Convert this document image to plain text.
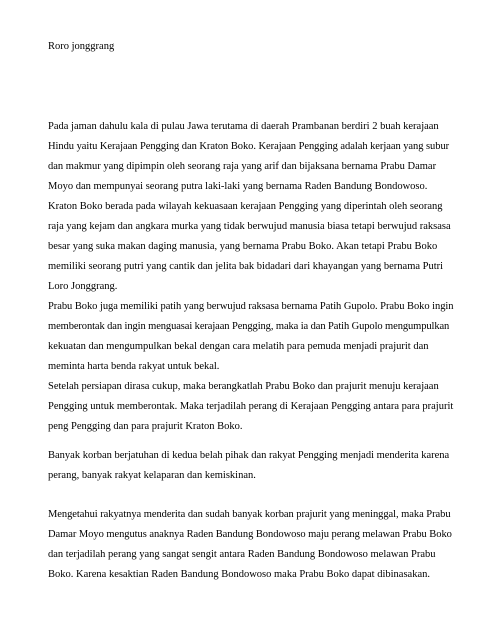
Roro jonggrang
Pada jaman dahulu kala di pulau Jawa terutama di daerah Prambanan berdiri 2 buah kerajaan
Hindu yaitu Kerajaan Pengging dan Kraton Boko. Kerajaan Pengging adalah kerjaan yang subur
dan makmur yang dipimpin oleh seorang raja yang arif dan bijaksana bernama Prabu Damar
Moyo dan mempunyai seorang putra laki-laki yang bernama Raden Bandung Bondowoso.
Kraton Boko berada pada wilayah kekuasaan kerajaan Pengging yang diperintah oleh seorang
raja yang kejam dan angkara murka yang tidak berwujud manusia biasa tetapi berwujud raksasa
besar yang suka makan daging manusia, yang bernama Prabu Boko. Akan tetapi Prabu Boko
memiliki seorang putri yang cantik dan jelita bak bidadari dari khayangan yang bernama Putri
Loro Jonggrang.
Prabu Boko juga memiliki patih yang berwujud raksasa bernama Patih Gupolo. Prabu Boko ingin
memberontak dan ingin menguasai kerajaan Pengging, maka ia dan Patih Gupolo mengumpulkan
kekuatan dan mengumpulkan bekal dengan cara melatih para pemuda menjadi prajurit dan
meminta harta benda rakyat untuk bekal.
Setelah persiapan dirasa cukup, maka berangkatlah Prabu Boko dan prajurit menuju kerajaan
Pengging untuk memberontak. Maka terjadilah perang di Kerajaan Pengging antara para prajurit
peng Pengging dan para prajurit Kraton Boko.
Banyak korban berjatuhan di kedua belah pihak dan rakyat Pengging menjadi menderita karena
perang, banyak rakyat kelaparan dan kemiskinan.
Mengetahui rakyatnya menderita dan sudah banyak korban prajurit yang meninggal, maka Prabu
Damar Moyo mengutus anaknya Raden Bandung Bondowoso maju perang melawan Prabu Boko
dan terjadilah perang yang sangat sengit antara Raden Bandung Bondowoso melawan Prabu
Boko. Karena kesaktian Raden Bandung Bondowoso maka Prabu Boko dapat dibinasakan.
